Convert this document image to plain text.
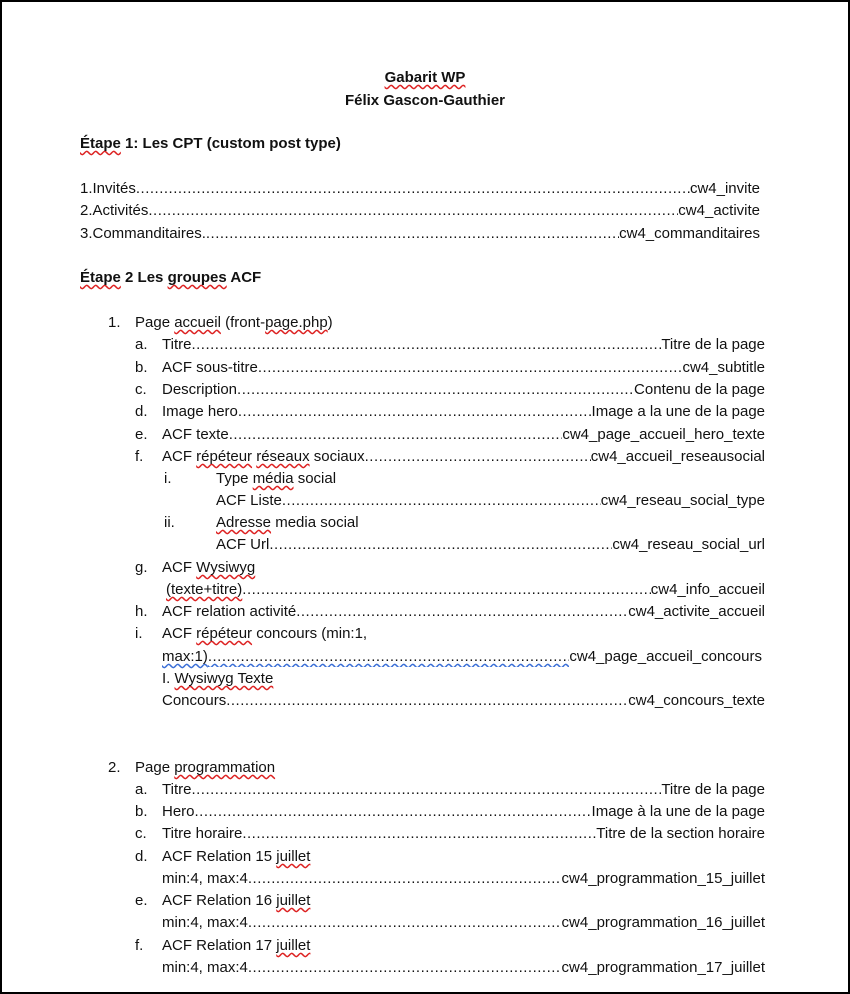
Gabarit WP
Félix Gascon-Gauthier
Étape 1: Les CPT (custom post type)
1.Invités .....	cw4_invite
2.Activités .....	cw4_activite
3.Commanditaires. .....	cw4_commanditaires
Étape 2 Les groupes ACF
1. Page accueil (front-page.php)
a. Titre .....	Titre de la page
b. ACF sous-titre .....	cw4_subtitle
c. Description .....	Contenu de la page
d. Image hero .....	Image a la une de la page
e. ACF texte .....	cw4_page_accueil_hero_texte
f. ACF répéteur réseaux sociaux .....	cw4_accueil_reseausocial
i.	Type média social
ACF Liste .....	cw4_reseau_social_type
ii.	Adresse media social
ACF Url .....	cw4_reseau_social_url
g. ACF Wysiwyg
(texte+titre) .....	cw4_info_accueil
h. ACF relation activité .....	cw4_activite_accueil
i. ACF répéteur concours (min:1,
max:1) .....	cw4_page_accueil_concours
I. Wysiwyg Texte
Concours .....	cw4_concours_texte
2. Page programmation
a. Titre .....	Titre de la page
b. Hero .....	Image à la une de la page
c. Titre horaire .....	Titre de la section horaire
d. ACF Relation 15 juillet
min:4, max:4 .....	cw4_programmation_15_juillet
e. ACF Relation 16 juillet
min:4, max:4 .....	cw4_programmation_16_juillet
f. ACF Relation 17 juillet
min:4, max:4 .....	cw4_programmation_17_juillet
